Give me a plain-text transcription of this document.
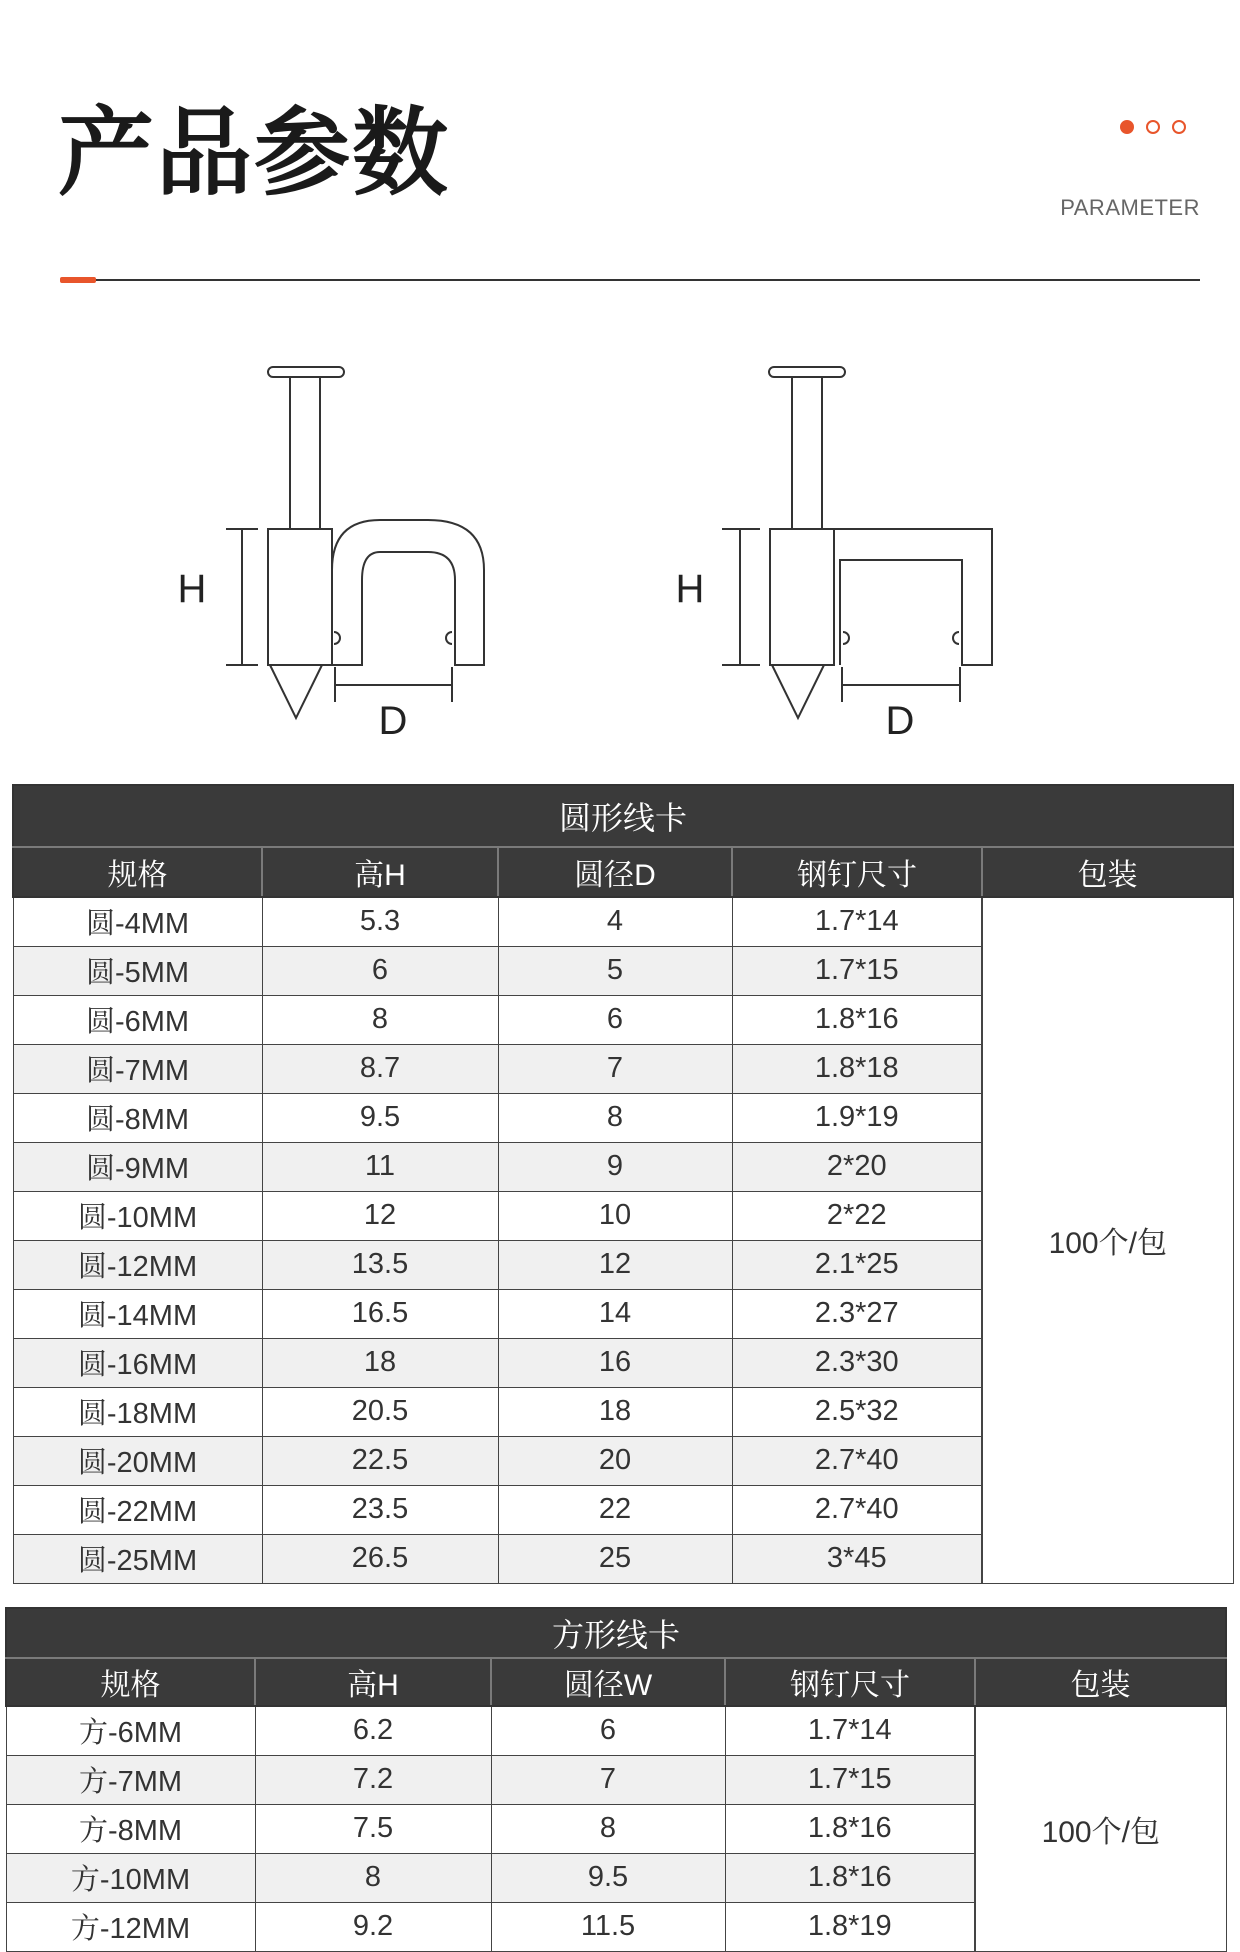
产品参数	PARAMETER
H
D
H
D
圆形线卡				
规格	高H	圆径D	钢钉尺寸	包装
圆-4MM	5.3	4	1.7*14	100个/包
圆-5MM	6	5	1.7*15	
圆-6MM	8	6	1.8*16	
圆-7MM	8.7	7	1.8*18	
圆-8MM	9.5	8	1.9*19	
圆-9MM	11	9	2*20	
圆-10MM	12	10	2*22	
圆-12MM	13.5	12	2.1*25	
圆-14MM	16.5	14	2.3*27	
圆-16MM	18	16	2.3*30	
圆-18MM	20.5	18	2.5*32	
圆-20MM	22.5	20	2.7*40	
圆-22MM	23.5	22	2.7*40	
圆-25MM	26.5	25	3*45	
方形线卡				
规格	高H	圆径W	钢钉尺寸	包装
方-6MM	6.2	6	1.7*14	100个/包
方-7MM	7.2	7	1.7*15	
方-8MM	7.5	8	1.8*16	
方-10MM	8	9.5	1.8*16	
方-12MM	9.2	11.5	1.8*19	
